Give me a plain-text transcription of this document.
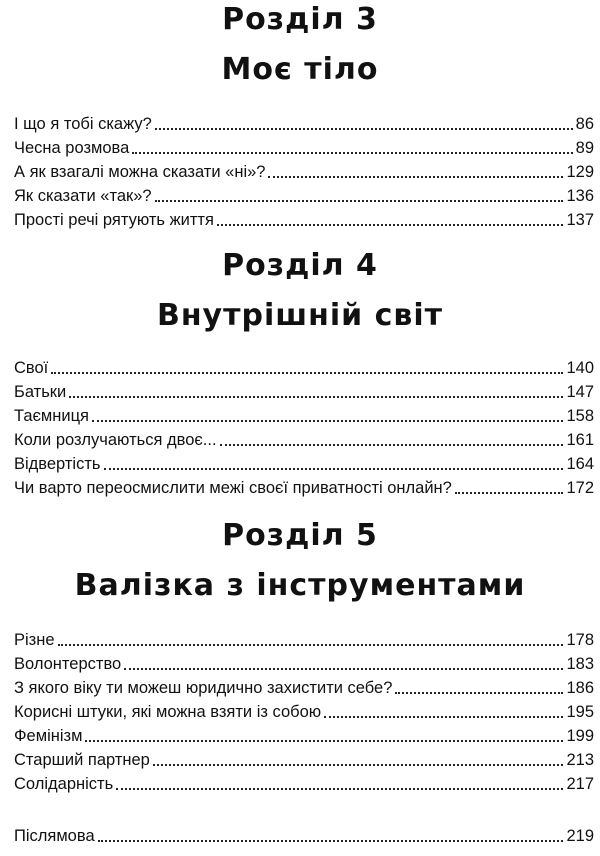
Розділ 3
Моє тіло
І що я тобі скажу?	86
Чесна розмова	89
А як взагалі можна сказати «ні»?	129
Як сказати «так»?	136
Прості речі рятують життя	137
Розділ 4
Внутрішній світ
Свої	140
Батьки	147
Таємниця	158
Коли розлучаються двоє...	161
Відвертість	164
Чи варто переосмислити межі своєї приватності онлайн?	172
Розділ 5
Валізка з інструментами
Різне	178
Волонтерство	183
З якого віку ти можеш юридично захистити себе?	186
Корисні штуки, які можна взяти із собою	195
Фемінізм	199
Старший партнер	213
Солідарність	217
Післямова	219
